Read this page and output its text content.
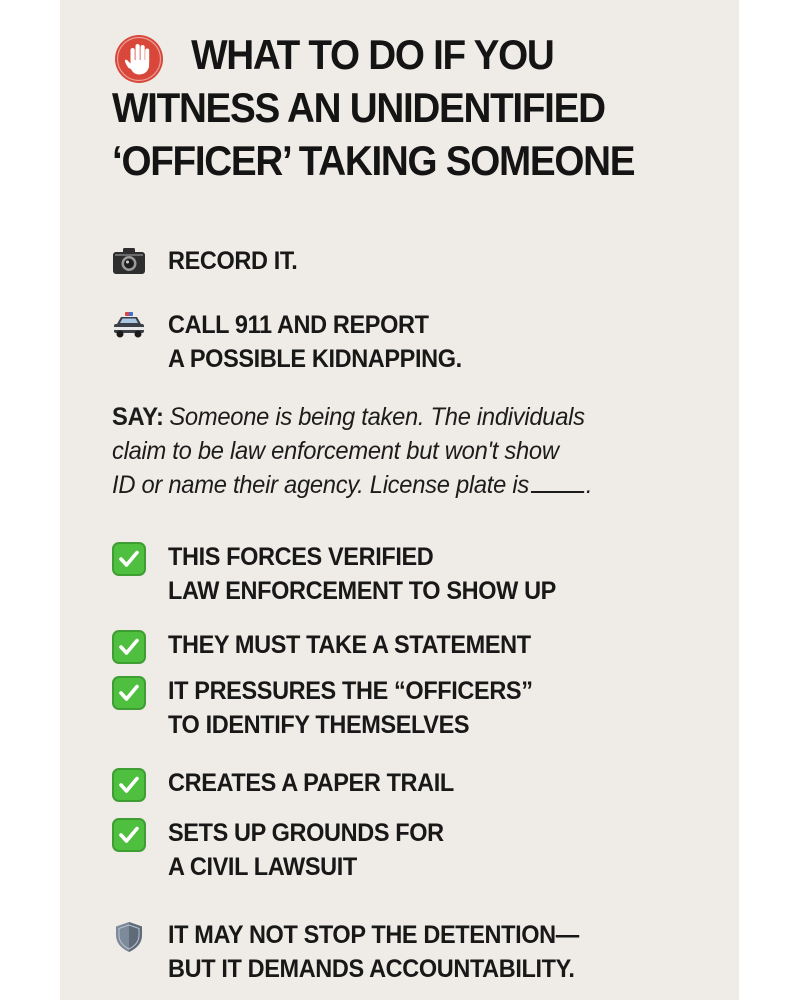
WHAT TO DO IF YOU
WITNESS AN UNIDENTIFIED
‘OFFICER’ TAKING SOMEONE
RECORD IT.
CALL 911 AND REPORT
A POSSIBLE KIDNAPPING.
SAY: Someone is being taken. The individuals
claim to be law enforcement but won't show
ID or name their agency. License plate is .
THIS FORCES VERIFIED
LAW ENFORCEMENT TO SHOW UP
THEY MUST TAKE A STATEMENT
IT PRESSURES THE “OFFICERS”
TO IDENTIFY THEMSELVES
CREATES A PAPER TRAIL
SETS UP GROUNDS FOR
A CIVIL LAWSUIT
IT MAY NOT STOP THE DETENTION—
BUT IT DEMANDS ACCOUNTABILITY.
